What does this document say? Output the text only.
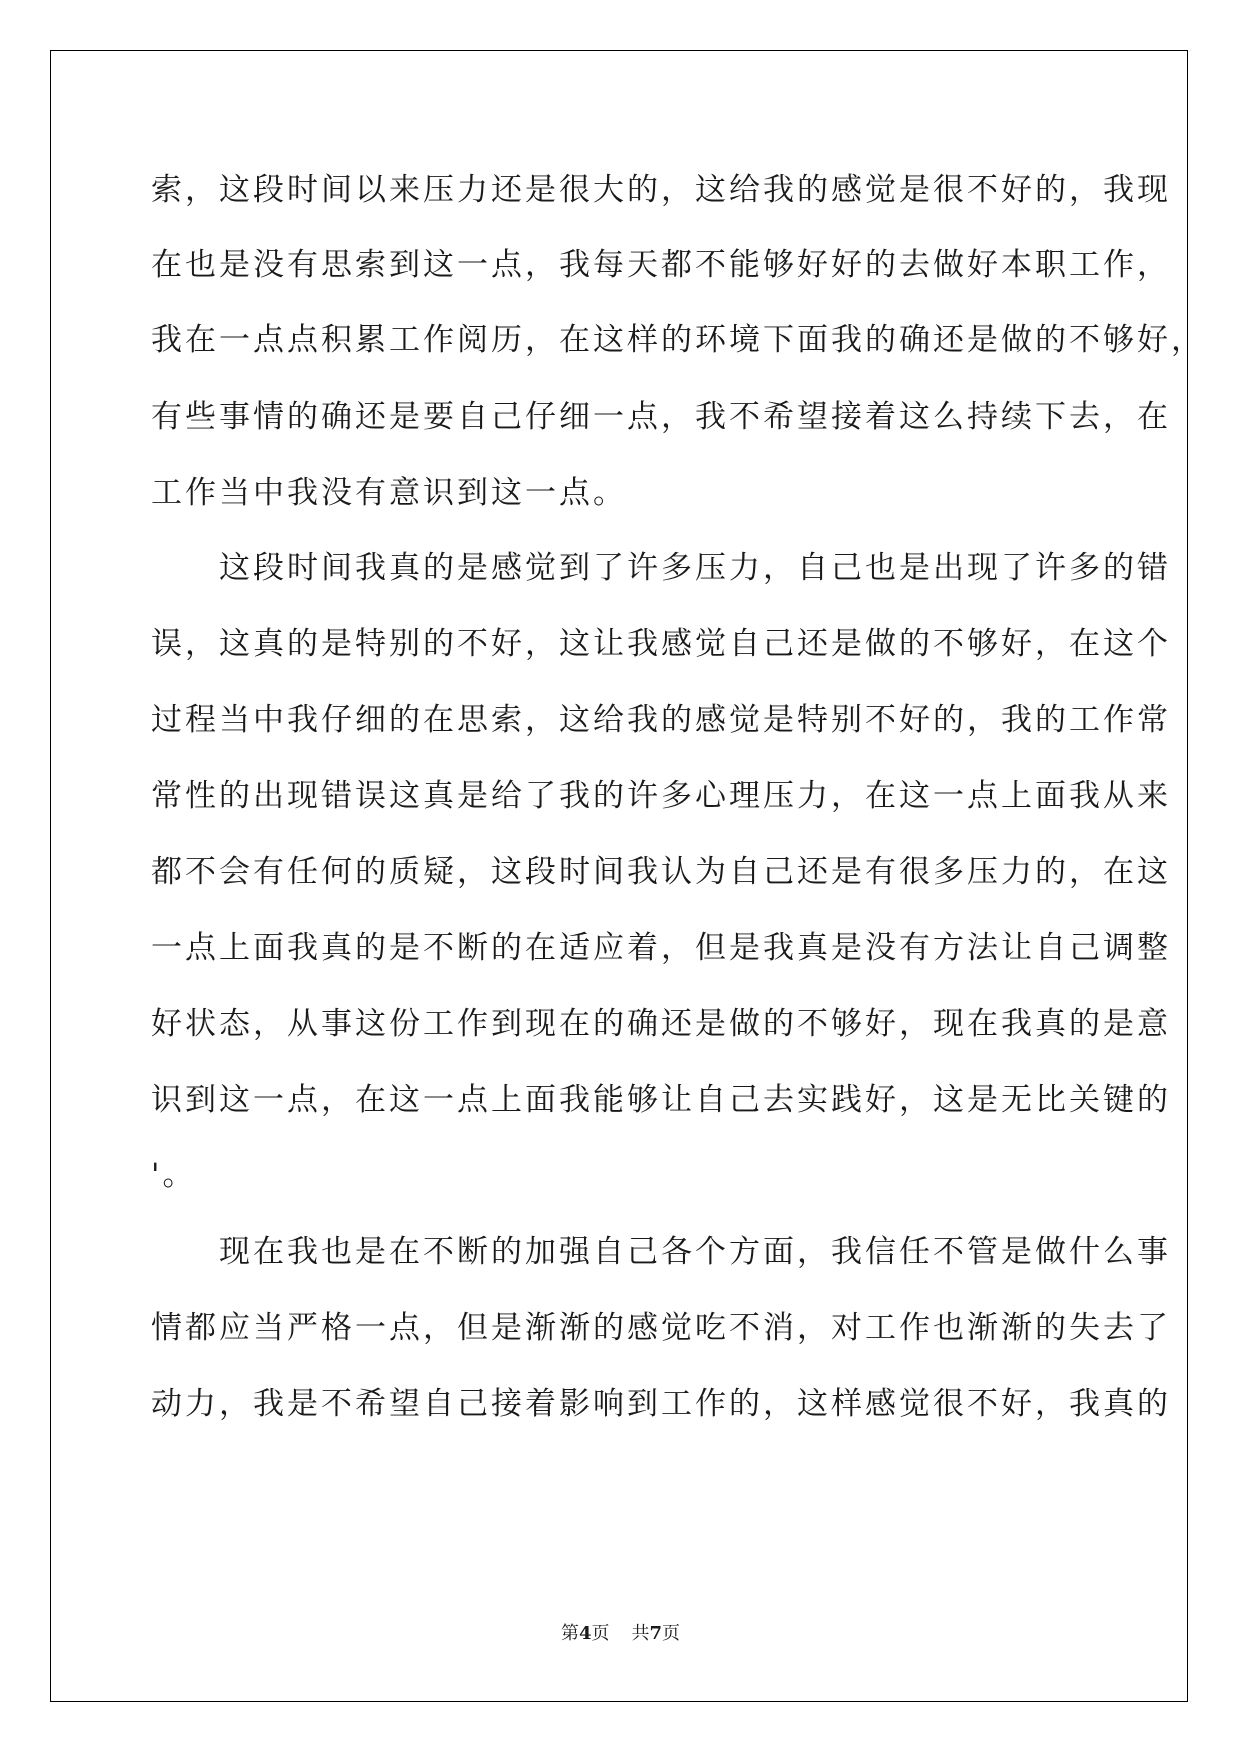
索，这段时间以来压力还是很大的，这给我的感觉是很不好的，我现

在也是没有思索到这一点，我每天都不能够好好的去做好本职工作，

我在一点点积累工作阅历，在这样的环境下面我的确还是做的不够好，

有些事情的确还是要自己仔细一点，我不希望接着这么持续下去，在

工作当中我没有意识到这一点。

　　这段时间我真的是感觉到了许多压力，自己也是出现了许多的错

误，这真的是特别的不好，这让我感觉自己还是做的不够好，在这个

过程当中我仔细的在思索，这给我的感觉是特别不好的，我的工作常

常性的出现错误这真是给了我的许多心理压力，在这一点上面我从来

都不会有任何的质疑，这段时间我认为自己还是有很多压力的，在这

一点上面我真的是不断的在适应着，但是我真是没有方法让自己调整

好状态，从事这份工作到现在的确还是做的不够好，现在我真的是意

识到这一点，在这一点上面我能够让自己去实践好，这是无比关键的

'。

　　现在我也是在不断的加强自己各个方面，我信任不管是做什么事

情都应当严格一点，但是渐渐的感觉吃不消，对工作也渐渐的失去了

动力，我是不希望自己接着影响到工作的，这样感觉很不好，我真的

第4页 共7页
